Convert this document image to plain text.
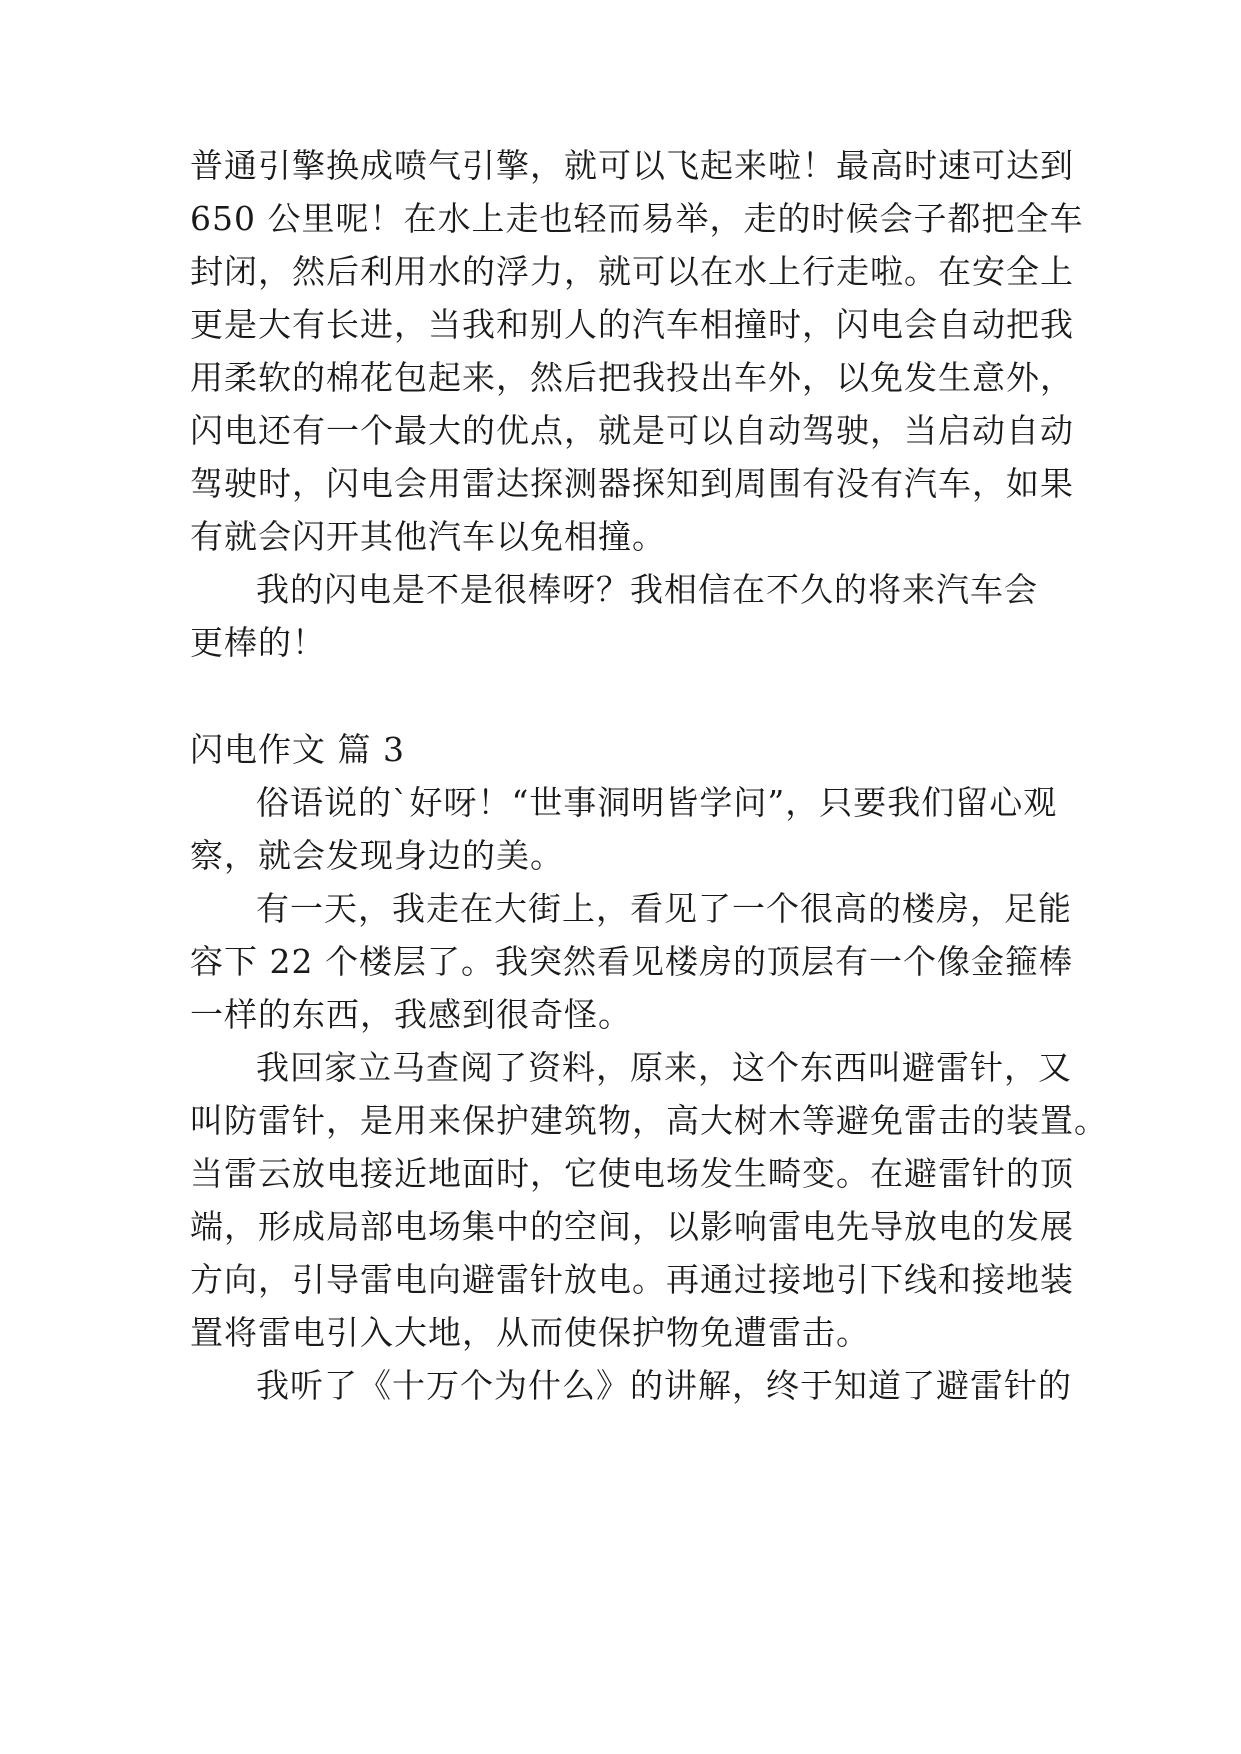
普通引擎换成喷气引擎，就可以飞起来啦！最高时速可达到
650 公里呢！在水上走也轻而易举，走的时候会子都把全车
封闭，然后利用水的浮力，就可以在水上行走啦。在安全上
更是大有长进，当我和别人的汽车相撞时，闪电会自动把我
用柔软的棉花包起来，然后把我投出车外，以免发生意外，
闪电还有一个最大的优点，就是可以自动驾驶，当启动自动
驾驶时，闪电会用雷达探测器探知到周围有没有汽车，如果
有就会闪开其他汽车以免相撞。
我的闪电是不是很棒呀？我相信在不久的将来汽车会
更棒的！
闪电作文 篇 3
俗语说的`好呀！“世事洞明皆学问”，只要我们留心观
察，就会发现身边的美。
有一天，我走在大街上，看见了一个很高的楼房，足能
容下 22 个楼层了。我突然看见楼房的顶层有一个像金箍棒
一样的东西，我感到很奇怪。
我回家立马查阅了资料，原来，这个东西叫避雷针，又
叫防雷针，是用来保护建筑物，高大树木等避免雷击的装置。
当雷云放电接近地面时，它使电场发生畸变。在避雷针的顶
端，形成局部电场集中的空间，以影响雷电先导放电的发展
方向，引导雷电向避雷针放电。再通过接地引下线和接地装
置将雷电引入大地，从而使保护物免遭雷击。
我听了《十万个为什么》的讲解，终于知道了避雷针的
